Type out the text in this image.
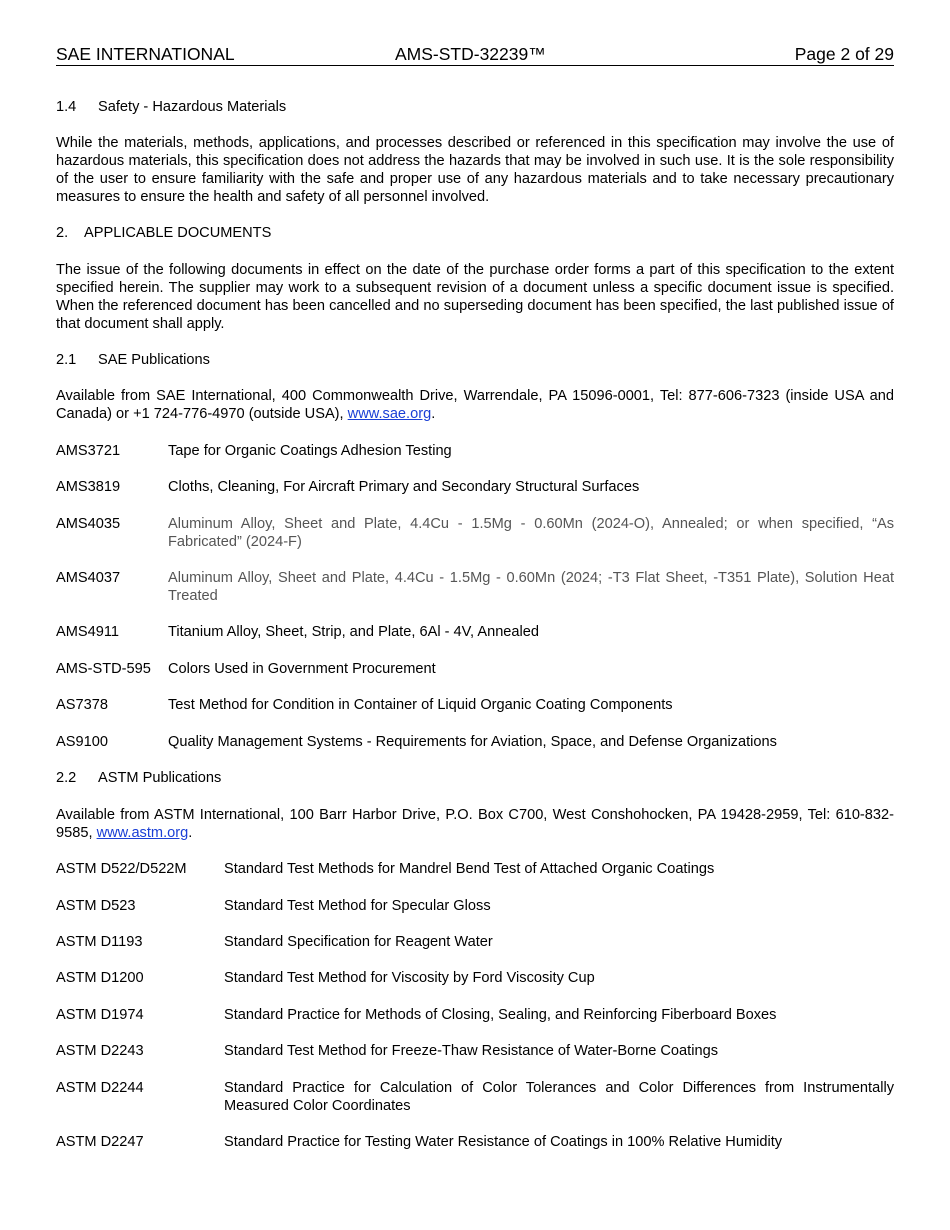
SAE INTERNATIONAL	AMS-STD-32239™	Page 2 of 29
1.4 Safety - Hazardous Materials
While the materials, methods, applications, and processes described or referenced in this specification may involve the use of hazardous materials, this specification does not address the hazards that may be involved in such use. It is the sole responsibility of the user to ensure familiarity with the safe and proper use of any hazardous materials and to take necessary precautionary measures to ensure the health and safety of all personnel involved.
2. APPLICABLE DOCUMENTS
The issue of the following documents in effect on the date of the purchase order forms a part of this specification to the extent specified herein. The supplier may work to a subsequent revision of a document unless a specific document issue is specified. When the referenced document has been cancelled and no superseding document has been specified, the last published issue of that document shall apply.
2.1 SAE Publications
Available from SAE International, 400 Commonwealth Drive, Warrendale, PA 15096-0001, Tel: 877-606-7323 (inside USA and Canada) or +1 724-776-4970 (outside USA), www.sae.org.
AMS3721	Tape for Organic Coatings Adhesion Testing
AMS3819	Cloths, Cleaning, For Aircraft Primary and Secondary Structural Surfaces
AMS4035	Aluminum Alloy, Sheet and Plate, 4.4Cu - 1.5Mg - 0.60Mn (2024-O), Annealed; or when specified, “As Fabricated” (2024-F)
AMS4037	Aluminum Alloy, Sheet and Plate, 4.4Cu - 1.5Mg - 0.60Mn (2024; -T3 Flat Sheet, -T351 Plate), Solution Heat Treated
AMS4911	Titanium Alloy, Sheet, Strip, and Plate, 6Al - 4V, Annealed
AMS-STD-595 Colors Used in Government Procurement
AS7378	Test Method for Condition in Container of Liquid Organic Coating Components
AS9100	Quality Management Systems - Requirements for Aviation, Space, and Defense Organizations
2.2 ASTM Publications
Available from ASTM International, 100 Barr Harbor Drive, P.O. Box C700, West Conshohocken, PA 19428-2959, Tel: 610-832-9585, www.astm.org.
ASTM D522/D522M	Standard Test Methods for Mandrel Bend Test of Attached Organic Coatings
ASTM D523	Standard Test Method for Specular Gloss
ASTM D1193	Standard Specification for Reagent Water
ASTM D1200	Standard Test Method for Viscosity by Ford Viscosity Cup
ASTM D1974	Standard Practice for Methods of Closing, Sealing, and Reinforcing Fiberboard Boxes
ASTM D2243	Standard Test Method for Freeze-Thaw Resistance of Water-Borne Coatings
ASTM D2244	Standard Practice for Calculation of Color Tolerances and Color Differences from Instrumentally Measured Color Coordinates
ASTM D2247	Standard Practice for Testing Water Resistance of Coatings in 100% Relative Humidity
